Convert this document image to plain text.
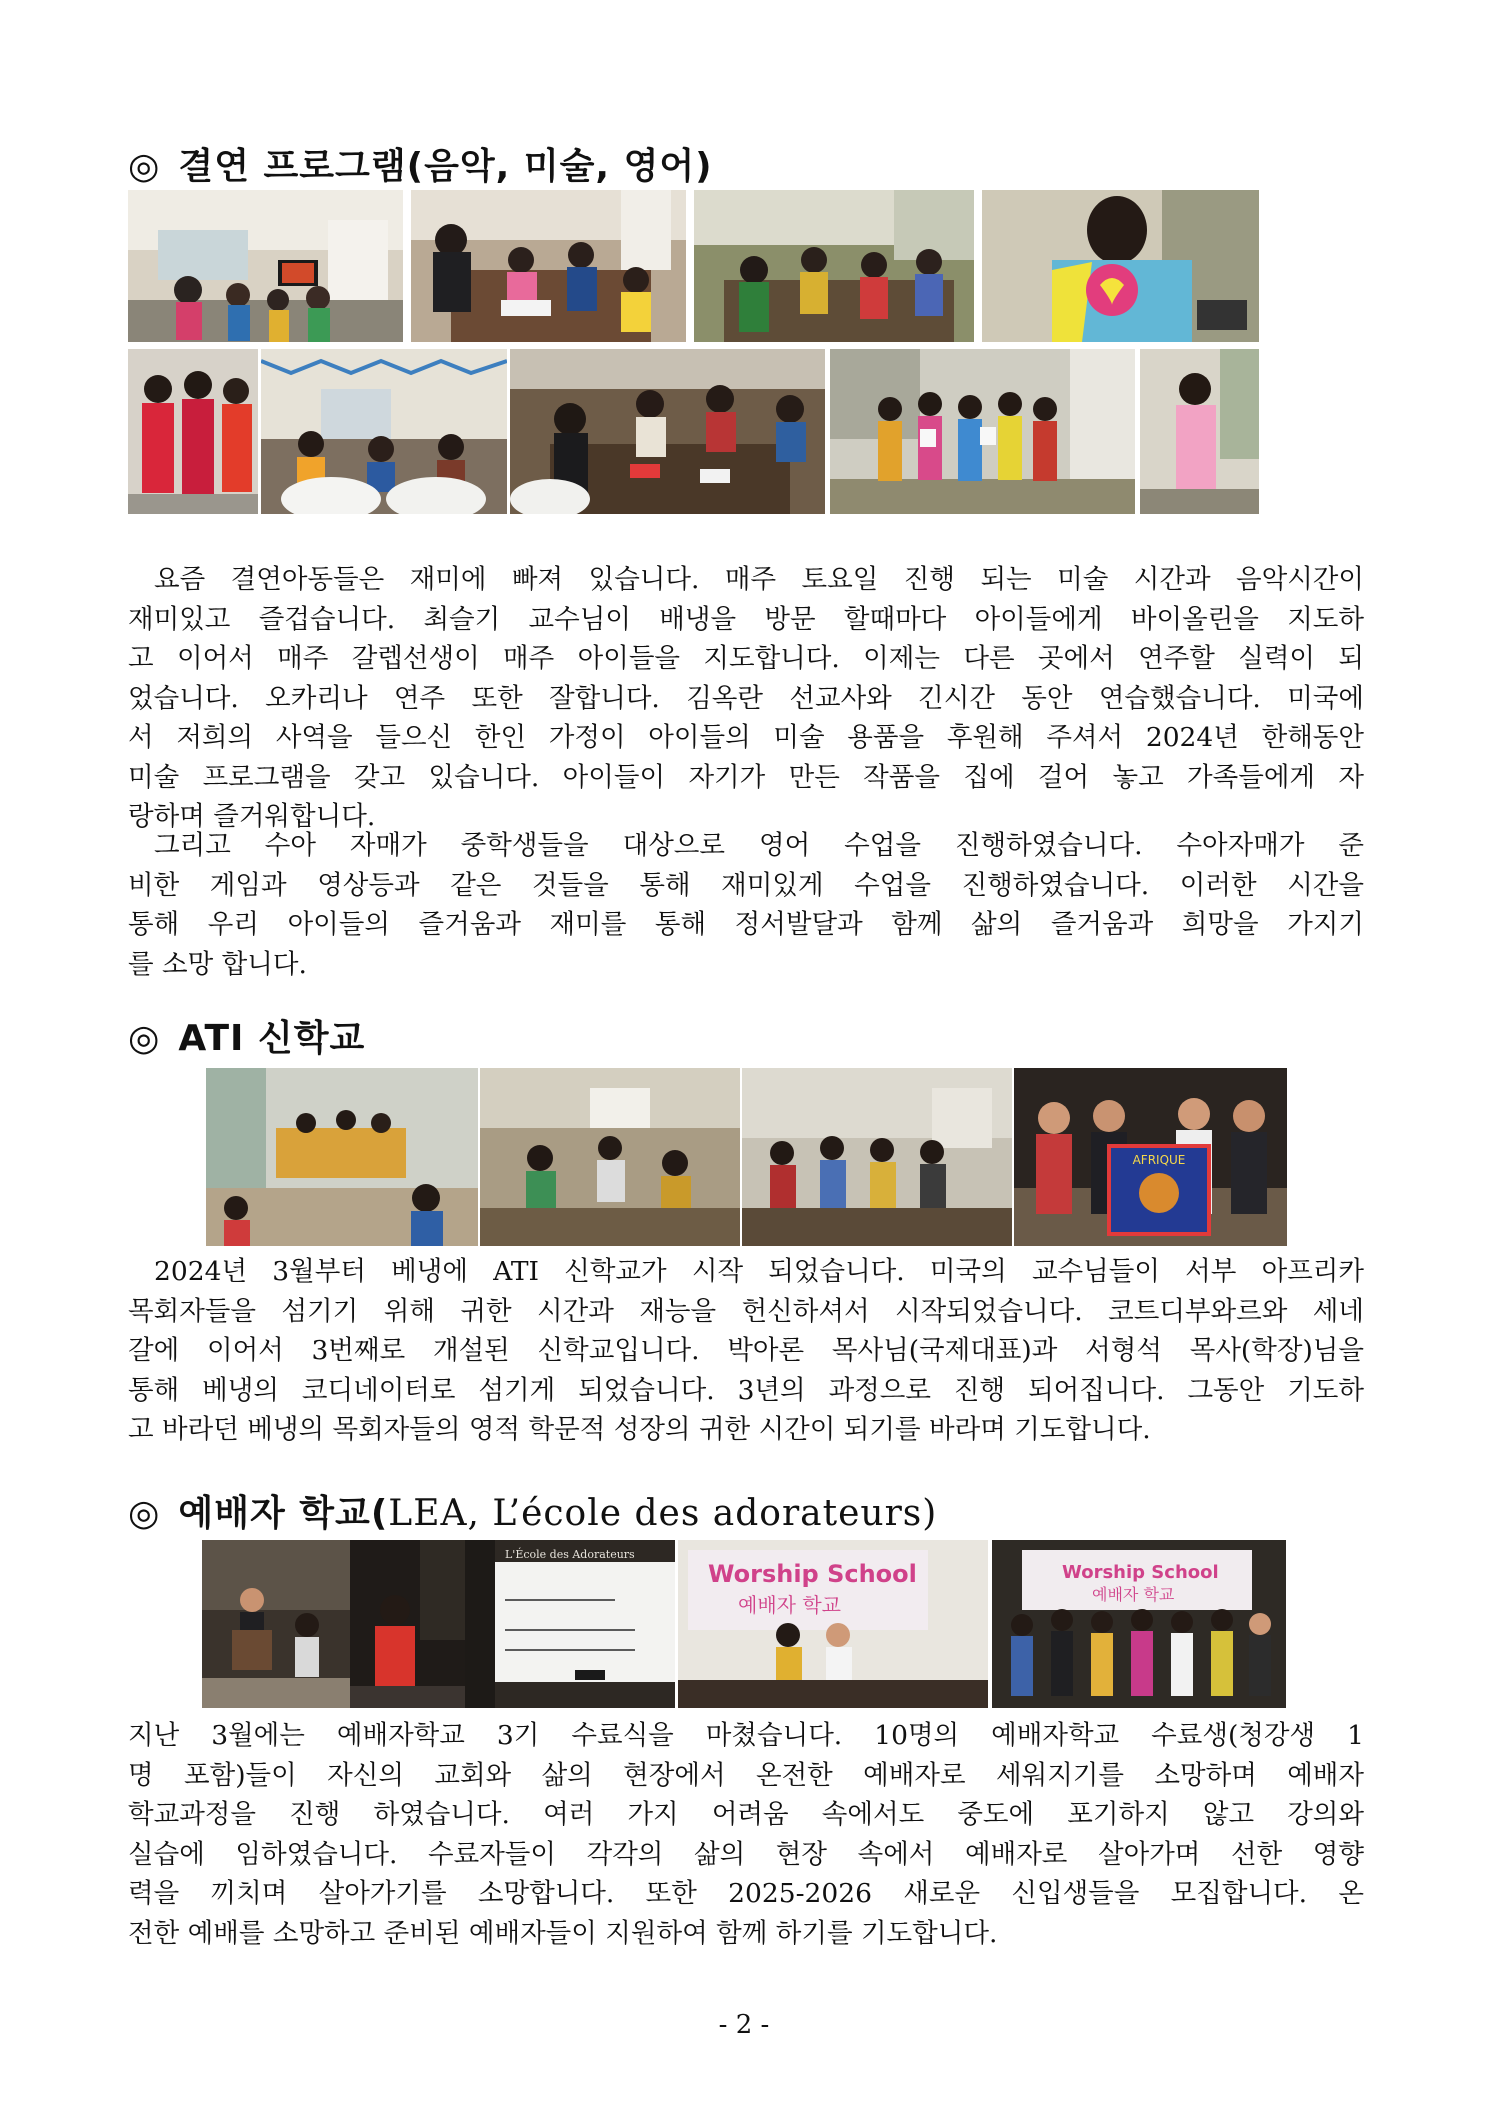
◎ 결연 프로그램(음악, 미술, 영어)
요즘 결연아동들은 재미에 빠져 있습니다. 매주 토요일 진행 되는 미술 시간과 음악시간이
재미있고 즐겁습니다. 최슬기 교수님이 배냉을 방문 할때마다 아이들에게 바이올린을 지도하
고 이어서 매주 갈렙선생이 매주 아이들을 지도합니다. 이제는 다른 곳에서 연주할 실력이 되
었습니다. 오카리나 연주 또한 잘합니다. 김옥란 선교사와 긴시간 동안 연습했습니다. 미국에
서 저희의 사역을 들으신 한인 가정이 아이들의 미술 용품을 후원해 주셔서 2024년 한해동안
미술 프로그램을 갖고 있습니다. 아이들이 자기가 만든 작품을 집에 걸어 놓고 가족들에게 자
랑하며 즐거워합니다.
그리고 수아 자매가 중학생들을 대상으로 영어 수업을 진행하였습니다. 수아자매가 준
비한 게임과 영상등과 같은 것들을 통해 재미있게 수업을 진행하였습니다. 이러한 시간을
통해 우리 아이들의 즐거움과 재미를 통해 정서발달과 함께 삶의 즐거움과 희망을 가지기
를 소망 합니다.
◎ ATI 신학교
AFRIQUE
2024년 3월부터 베냉에 ATI 신학교가 시작 되었습니다. 미국의 교수님들이 서부 아프리카
목회자들을 섬기기 위해 귀한 시간과 재능을 헌신하셔서 시작되었습니다. 코트디부와르와 세네
갈에 이어서 3번째로 개설된 신학교입니다. 박아론 목사님(국제대표)과 서형석 목사(학장)님을
통해 베냉의 코디네이터로 섬기게 되었습니다. 3년의 과정으로 진행 되어집니다. 그동안 기도하
고 바라던 베냉의 목회자들의 영적 학문적 성장의 귀한 시간이 되기를 바라며 기도합니다.
◎ 예배자 학교(LEA, L’école des adorateurs)
L'École des Adorateurs
Worship School
예배자 학교
Worship School
예배자 학교
지난 3월에는 예배자학교 3기 수료식을 마쳤습니다. 10명의 예배자학교 수료생(청강생 1
명 포함)들이 자신의 교회와 삶의 현장에서 온전한 예배자로 세워지기를 소망하며 예배자
학교과정을 진행 하였습니다. 여러 가지 어려움 속에서도 중도에 포기하지 않고 강의와
실습에 임하였습니다. 수료자들이 각각의 삶의 현장 속에서 예배자로 살아가며 선한 영향
력을 끼치며 살아가기를 소망합니다. 또한 2025-2026 새로운 신입생들을 모집합니다. 온
전한 예배를 소망하고 준비된 예배자들이 지원하여 함께 하기를 기도합니다.
- 2 -
